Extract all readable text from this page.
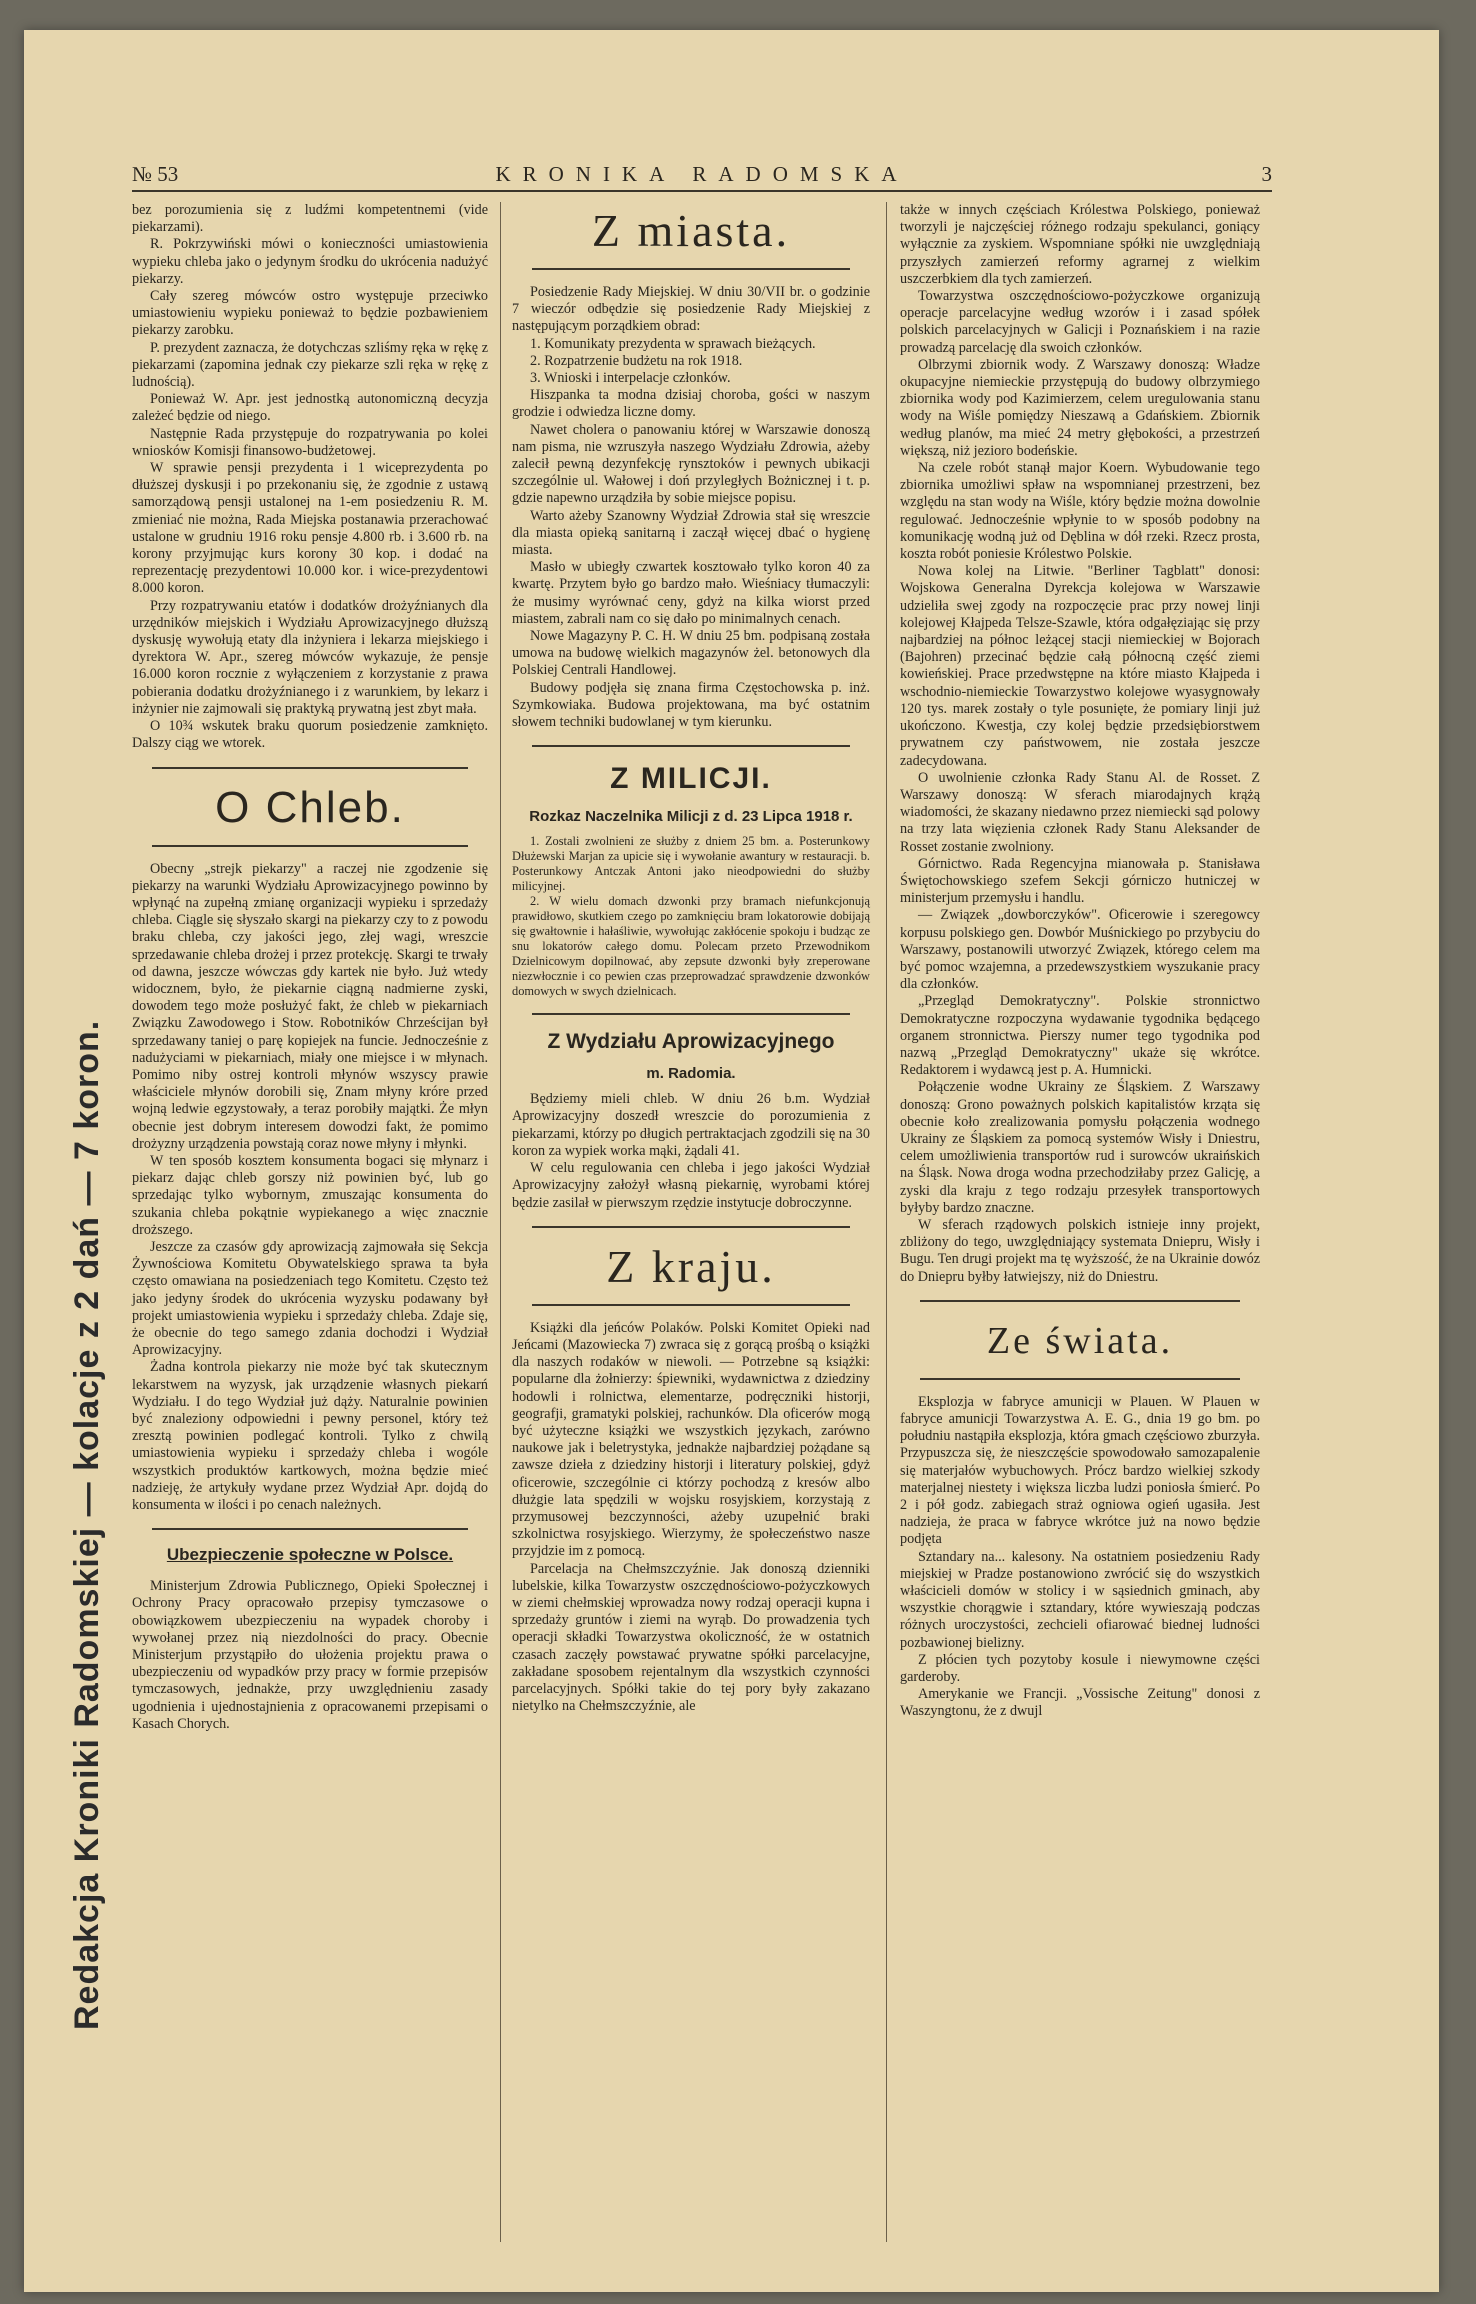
Redakcja Kroniki Radomskiej — kolacje z 2 dań — 7 koron.
№ 53	KRONIKA RADOMSKA	3

bez porozumienia się z ludźmi kompetentnemi (vide piekarzami).

R. Pokrzywiński mówi o konieczności umiastowienia wypieku chleba jako o jedynym środku do ukrócenia nadużyć piekarzy.

Cały szereg mówców ostro występuje przeciwko umiastowieniu wypieku ponieważ to będzie pozbawieniem piekarzy zarobku.

P. prezydent zaznacza, że dotychczas szliśmy ręka w rękę z piekarzami (zapomina jednak czy piekarze szli ręka w rękę z ludnością).

Ponieważ W. Apr. jest jednostką autonomiczną decyzja zależeć będzie od niego.

Następnie Rada przystępuje do rozpatrywania po kolei wniosków Komisji finansowo-budżetowej.

W sprawie pensji prezydenta i 1 wiceprezydenta po dłuższej dyskusji i po przekonaniu się, że zgodnie z ustawą samorządową pensji ustalonej na 1-em posiedzeniu R. M. zmieniać nie można, Rada Miejska postanawia przerachować ustalone w grudniu 1916 roku pensje 4.800 rb. i 3.600 rb. na korony przyjmując kurs korony 30 kop. i dodać na reprezentację prezydentowi 10.000 kor. i wice-prezydentowi 8.000 koron.

Przy rozpatrywaniu etatów i dodatków drożyźnianych dla urzędników miejskich i Wydziału Aprowizacyjnego dłuższą dyskusję wywołują etaty dla inżyniera i lekarza miejskiego i dyrektora W. Apr., szereg mówców wykazuje, że pensje 16.000 koron rocznie z wyłączeniem z korzystanie z prawa pobierania dodatku drożyźnianego i z warunkiem, by lekarz i inżynier nie zajmowali się praktyką prywatną jest zbyt mała.

O 10¾ wskutek braku quorum posiedzenie zamknięto. Dalszy ciąg we wtorek.

O Chleb.

Obecny „strejk piekarzy" a raczej nie zgodzenie się piekarzy na warunki Wydziału Aprowizacyjnego powinno by wpłynąć na zupełną zmianę organizacji wypieku i sprzedaży chleba. Ciągle się słyszało skargi na piekarzy czy to z powodu braku chleba, czy jakości jego, złej wagi, wreszcie sprzedawanie chleba drożej i przez protekcję. Skargi te trwały od dawna, jeszcze wówczas gdy kartek nie było. Już wtedy widocznem, było, że piekarnie ciągną nadmierne zyski, dowodem tego może posłużyć fakt, że chleb w piekarniach Związku Zawodowego i Stow. Robotników Chrześcijan był sprzedawany taniej o parę kopiejek na funcie. Jednocześnie z nadużyciami w piekarniach, miały one miejsce i w młynach. Pomimo niby ostrej kontroli młynów wszyscy prawie właściciele młynów dorobili się, Znam młyny króre przed wojną ledwie egzystowały, a teraz porobiły majątki. Że młyn obecnie jest dobrym interesem dowodzi fakt, że pomimo drożyzny urządzenia powstają coraz nowe młyny i młynki.

W ten sposób kosztem konsumenta bogaci się młynarz i piekarz dając chleb gorszy niż powinien być, lub go sprzedając tylko wybornym, zmuszając konsumenta do szukania chleba pokątnie wypiekanego a więc znacznie droższego.

Jeszcze za czasów gdy aprowizacją zajmowała się Sekcja Żywnościowa Komitetu Obywatelskiego sprawa ta była często omawiana na posiedzeniach tego Komitetu. Często też jako jedyny środek do ukrócenia wyzysku podawany był projekt umiastowienia wypieku i sprzedaży chleba. Zdaje się, że obecnie do tego samego zdania dochodzi i Wydział Aprowizacyjny.

Żadna kontrola piekarzy nie może być tak skutecznym lekarstwem na wyzysk, jak urządzenie własnych piekarń Wydziału. I do tego Wydział już dąży. Naturalnie powinien być znaleziony odpowiedni i pewny personel, który też zresztą powinien podlegać kontroli. Tylko z chwilą umiastowienia wypieku i sprzedaży chleba i wogóle wszystkich produktów kartkowych, można będzie mieć nadzieję, że artykuły wydane przez Wydział Apr. dojdą do konsumenta w ilości i po cenach należnych.

Ubezpieczenie społeczne w Polsce.

Ministerjum Zdrowia Publicznego, Opieki Społecznej i Ochrony Pracy opracowało przepisy tymczasowe o obowiązkowem ubezpieczeniu na wypadek choroby i wywołanej przez nią niezdolności do pracy. Obecnie Ministerjum przystąpiło do ułożenia projektu prawa o ubezpieczeniu od wypadków przy pracy w formie przepisów tymczasowych, jednakże, przy uwzględnieniu zasady ugodnienia i ujednostajnienia z opracowanemi przepisami o Kasach Chorych.

Z miasta.

Posiedzenie Rady Miejskiej. W dniu 30/VII br. o godzinie 7 wieczór odbędzie się posiedzenie Rady Miejskiej z następującym porządkiem obrad:

1. Komunikaty prezydenta w sprawach bieżących.

2. Rozpatrzenie budżetu na rok 1918.

3. Wnioski i interpelacje członków.

Hiszpanka ta modna dzisiaj choroba, gości w naszym grodzie i odwiedza liczne domy.

Nawet cholera o panowaniu której w Warszawie donoszą nam pisma, nie wzruszyła naszego Wydziału Zdrowia, ażeby zalecił pewną dezynfekcję rynsztoków i pewnych ubikacji szczególnie ul. Wałowej i doń przyległych Bożnicznej i t. p. gdzie napewno urządziła by sobie miejsce popisu.

Warto ażeby Szanowny Wydział Zdrowia stał się wreszcie dla miasta opieką sanitarną i zaczął więcej dbać o hygienę miasta.

Masło w ubiegły czwartek kosztowało tylko koron 40 za kwartę. Przytem było go bardzo mało. Wieśniacy tłumaczyli: że musimy wyrównać ceny, gdyż na kilka wiorst przed miastem, zabrali nam co się dało po minimalnych cenach.

Nowe Magazyny P. C. H. W dniu 25 bm. podpisaną została umowa na budowę wielkich magazynów żel. betonowych dla Polskiej Centrali Handlowej.

Budowy podjęła się znana firma Częstochowska p. inż. Szymkowiaka. Budowa projektowana, ma być ostatnim słowem techniki budowlanej w tym kierunku.

Z MILICJI.
Rozkaz Naczelnika Milicji z d. 23 Lipca 1918 r.

1. Zostali zwolnieni ze służby z dniem 25 bm. a. Posterunkowy Dłużewski Marjan za upicie się i wywołanie awantury w restauracji. b. Posterunkowy Antczak Antoni jako nieodpowiedni do służby milicyjnej.

2. W wielu domach dzwonki przy bramach niefunkcjonują prawidłowo, skutkiem czego po zamknięciu bram lokatorowie dobijają się gwałtownie i hałaśliwie, wywołując zakłócenie spokoju i budząc ze snu lokatorów całego domu. Polecam przeto Przewodnikom Dzielnicowym dopilnować, aby zepsute dzwonki były zreperowane niezwłocznie i co pewien czas przeprowadzać sprawdzenie dzwonków domowych w swych dzielnicach.

Z Wydziału Aprowizacyjnego
m. Radomia.

Będziemy mieli chleb. W dniu 26 b.m. Wydział Aprowizacyjny doszedł wreszcie do porozumienia z piekarzami, którzy po długich pertraktacjach zgodzili się na 30 koron za wypiek worka mąki, żądali 41.

W celu regulowania cen chleba i jego jakości Wydział Aprowizacyjny założył własną piekarnię, wyrobami której będzie zasilał w pierwszym rzędzie instytucje dobroczynne.

Z kraju.

Książki dla jeńców Polaków. Polski Komitet Opieki nad Jeńcami (Mazowiecka 7) zwraca się z gorącą prośbą o książki dla naszych rodaków w niewoli. — Potrzebne są książki: popularne dla żołnierzy: śpiewniki, wydawnictwa z dziedziny hodowli i rolnictwa, elementarze, podręczniki historji, geografji, gramatyki polskiej, rachunków. Dla oficerów mogą być użyteczne książki we wszystkich językach, zarówno naukowe jak i beletrystyka, jednakże najbardziej pożądane są zawsze dzieła z dziedziny historji i literatury polskiej, gdyż oficerowie, szczególnie ci którzy pochodzą z kresów albo dłużgie lata spędzili w wojsku rosyjskiem, korzystają z przymusowej bezczynności, ażeby uzupełnić braki szkolnictwa rosyjskiego. Wierzymy, że społeczeństwo nasze przyjdzie im z pomocą.

Parcelacja na Chełmszczyźnie. Jak donoszą dzienniki lubelskie, kilka Towarzystw oszczędnościowo-pożyczkowych w ziemi chełmskiej wprowadza nowy rodzaj operacji kupna i sprzedaży gruntów i ziemi na wyrąb. Do prowadzenia tych operacji składki Towarzystwa okoliczność, że w ostatnich czasach zaczęły powstawać prywatne spółki parcelacyjne, zakładane sposobem rejentalnym dla wszystkich czynności parcelacyjnych. Spółki takie do tej pory były zakazano nietylko na Chełmszczyźnie, ale

także w innych częściach Królestwa Polskiego, ponieważ tworzyli je najczęściej różnego rodzaju spekulanci, goniący wyłącznie za zyskiem. Wspomniane spółki nie uwzględniają przyszłych zamierzeń reformy agrarnej z wielkim uszczerbkiem dla tych zamierzeń.

Towarzystwa oszczędnościowo-pożyczkowe organizują operacje parcelacyjne według wzorów i i zasad spółek polskich parcelacyjnych w Galicji i Poznańskiem i na razie prowadzą parcelację dla swoich członków.

Olbrzymi zbiornik wody. Z Warszawy donoszą: Władze okupacyjne niemieckie przystępują do budowy olbrzymiego zbiornika wody pod Kazimierzem, celem uregulowania stanu wody na Wiśle pomiędzy Nieszawą a Gdańskiem. Zbiornik według planów, ma mieć 24 metry głębokości, a przestrzeń większą, niż jezioro bodeńskie.

Na czele robót stanął major Koern. Wybudowanie tego zbiornika umożliwi spław na wspomnianej przestrzeni, bez względu na stan wody na Wiśle, który będzie można dowolnie regulować. Jednocześnie wpłynie to w sposób podobny na komunikację wodną już od Dęblina w dół rzeki. Rzecz prosta, koszta robót poniesie Królestwo Polskie.

Nowa kolej na Litwie. "Berliner Tagblatt" donosi: Wojskowa Generalna Dyrekcja kolejowa w Warszawie udzieliła swej zgody na rozpoczęcie prac przy nowej linji kolejowej Kłajpeda Telsze-Szawle, która odgałęziając się przy najbardziej na północ leżącej stacji niemieckiej w Bojorach (Bajohren) przecinać będzie całą północną część ziemi kowieńskiej. Prace przedwstępne na które miasto Kłajpeda i wschodnio-niemieckie Towarzystwo kolejowe wyasygnowały 120 tys. marek zostały o tyle posunięte, że pomiary linji już ukończono. Kwestja, czy kolej będzie przedsiębiorstwem prywatnem czy państwowem, nie została jeszcze zadecydowana.

O uwolnienie członka Rady Stanu Al. de Rosset. Z Warszawy donoszą: W sferach miarodajnych krążą wiadomości, że skazany niedawno przez niemiecki sąd polowy na trzy lata więzienia członek Rady Stanu Aleksander de Rosset zostanie zwolniony.

Górnictwo. Rada Regencyjna mianowała p. Stanisława Świętochowskiego szefem Sekcji górniczo hutniczej w ministerjum przemysłu i handlu.

— Związek „dowborczyków". Oficerowie i szeregowcy korpusu polskiego gen. Dowbór Muśnickiego po przybyciu do Warszawy, postanowili utworzyć Związek, którego celem ma być pomoc wzajemna, a przedewszystkiem wyszukanie pracy dla członków.

„Przegląd Demokratyczny". Polskie stronnictwo Demokratyczne rozpoczyna wydawanie tygodnika będącego organem stronnictwa. Pierszy numer tego tygodnika pod nazwą „Przegląd Demokratyczny" ukaże się wkrótce. Redaktorem i wydawcą jest p. A. Humnicki.

Połączenie wodne Ukrainy ze Śląskiem. Z Warszawy donoszą: Grono poważnych polskich kapitalistów krząta się obecnie koło zrealizowania pomysłu połączenia wodnego Ukrainy ze Śląskiem za pomocą systemów Wisły i Dniestru, celem umożliwienia transportów rud i surowców ukraińskich na Śląsk. Nowa droga wodna przechodziłaby przez Galicję, a zyski dla kraju z tego rodzaju przesyłek transportowych byłyby bardzo znaczne.

W sferach rządowych polskich istnieje inny projekt, zbliżony do tego, uwzględniający systemata Dniepru, Wisły i Bugu. Ten drugi projekt ma tę wyższość, że na Ukrainie dowóz do Dniepru byłby łatwiejszy, niż do Dniestru.

Ze świata.

Eksplozja w fabryce amunicji w Plauen. W Plauen w fabryce amunicji Towarzystwa A. E. G., dnia 19 go bm. po południu nastąpiła eksplozja, która gmach częściowo zburzyła. Przypuszcza się, że nieszczęście spowodowało samozapalenie się materjałów wybuchowych. Prócz bardzo wielkiej szkody materjalnej niestety i większa liczba ludzi poniosła śmierć. Po 2 i pół godz. zabiegach straż ogniowa ogień ugasiła. Jest nadzieja, że praca w fabryce wkrótce już na nowo będzie podjęta

Sztandary na... kalesony. Na ostatniem posiedzeniu Rady miejskiej w Pradze postanowiono zwrócić się do wszystkich właścicieli domów w stolicy i w sąsiednich gminach, aby wszystkie chorągwie i sztandary, które wywieszają podczas różnych uroczystości, zechcieli ofiarować biednej ludności pozbawionej bielizny.

Z płócien tych pozytoby kosule i niewymowne części garderoby.

Amerykanie we Francji. „Vossische Zeitung" donosi z Waszyngtonu, że z dwujl
